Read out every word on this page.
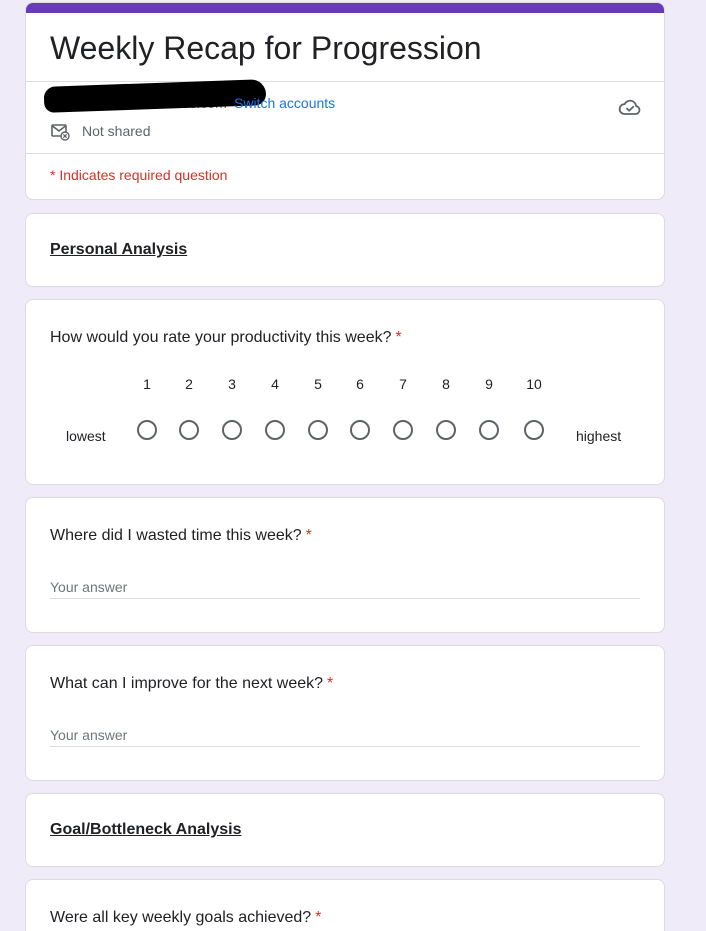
Weekly Recap for Progression
Switch accounts
Not shared
* Indicates required question
Personal Analysis
How would you rate your productivity this week? *
1	2	3	4	5	6	7	8	9	10
lowest	highest
Where did I wasted time this week? *
Your answer
What can I improve for the next week? *
Your answer
Goal/Bottleneck Analysis
Were all key weekly goals achieved? *
